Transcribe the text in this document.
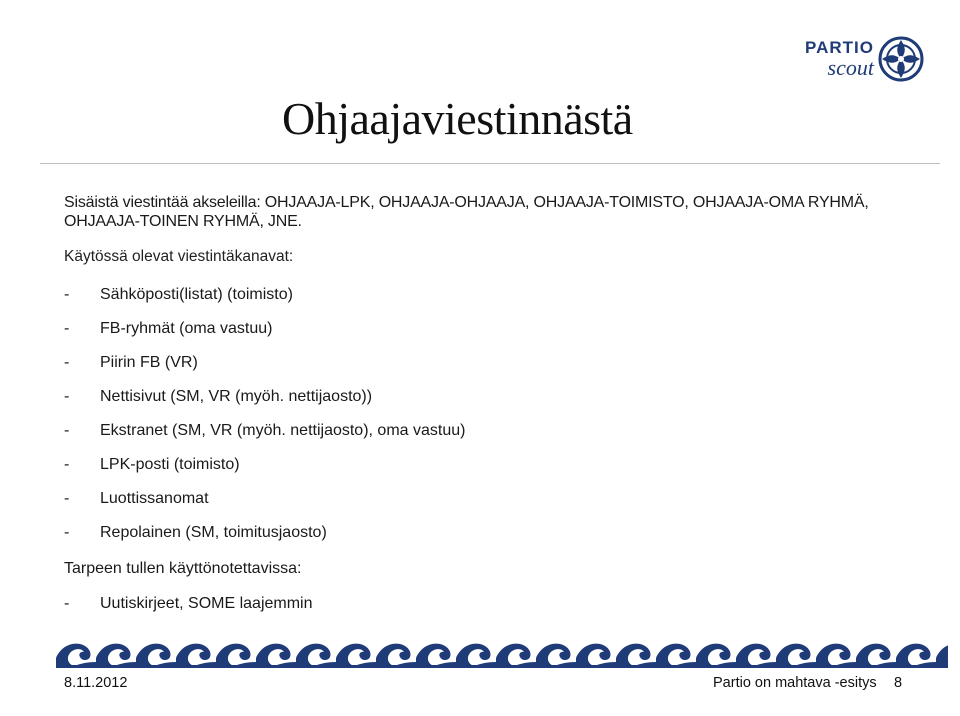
PARTIO
scout
Ohjaajaviestinnästä
Sisäistä viestintää akseleilla: OHJAAJA-LPK, OHJAAJA-OHJAAJA, OHJAAJA-TOIMISTO, OHJAAJA-OMA RYHMÄ, OHJAAJA-TOINEN RYHMÄ, JNE.
Käytössä olevat viestintäkanavat:
-	Sähköposti(listat) (toimisto)
-	FB-ryhmät (oma vastuu)
-	Piirin FB (VR)
-	Nettisivut (SM, VR (myöh. nettijaosto))
-	Ekstranet (SM, VR (myöh. nettijaosto), oma vastuu)
-	LPK-posti (toimisto)
-	Luottissanomat
-	Repolainen (SM, toimitusjaosto)
Tarpeen tullen käyttönotettavissa:
-	Uutiskirjeet, SOME laajemmin
8.11.2012	Partio on mahtava -esitys 8
